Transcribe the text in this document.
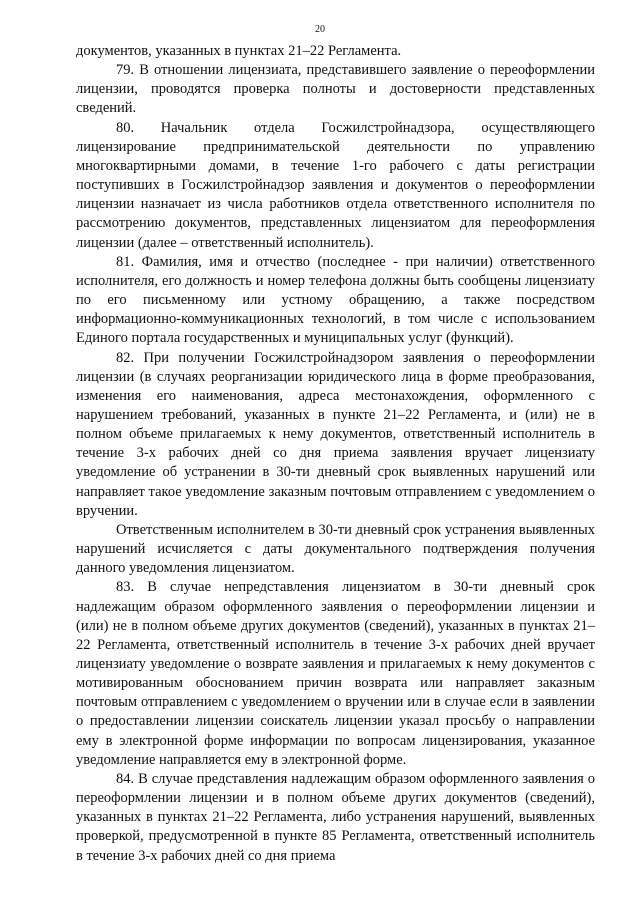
20

документов, указанных в пунктах 21–22 Регламента.

79. В отношении лицензиата, представившего заявление о переоформлении лицензии, проводятся проверка полноты и достоверности представленных сведений.

80. Начальник отдела Госжилстройнадзора, осуществляющего лицензирование предпринимательской деятельности по управлению многоквартирными домами, в течение 1-го рабочего с даты регистрации поступивших в Госжилстройнадзор заявления и документов о переоформлении лицензии назначает из числа работников отдела ответственного исполнителя по рассмотрению документов, представленных лицензиатом для переоформления лицензии (далее – ответственный исполнитель).

81. Фамилия, имя и отчество (последнее - при наличии) ответственного исполнителя, его должность и номер телефона должны быть сообщены лицензиату по его письменному или устному обращению, а также посредством информационно-коммуникационных технологий, в том числе с использованием Единого портала государственных и муниципальных услуг (функций).

82. При получении Госжилстройнадзором заявления о переоформлении лицензии (в случаях реорганизации юридического лица в форме преобразования, изменения его наименования, адреса местонахождения, оформленного с нарушением требований, указанных в пункте 21–22 Регламента, и (или) не в полном объеме прилагаемых к нему документов, ответственный исполнитель в течение 3-х рабочих дней со дня приема заявления вручает лицензиату уведомление об устранении в 30-ти дневный срок выявленных нарушений или направляет такое уведомление заказным почтовым отправлением с уведомлением о вручении.

Ответственным исполнителем в 30-ти дневный срок устранения выявленных нарушений исчисляется с даты документального подтверждения получения данного уведомления лицензиатом.

83. В случае непредставления лицензиатом в 30-ти дневный срок надлежащим образом оформленного заявления о переоформлении лицензии и (или) не в полном объеме других документов (сведений), указанных в пунктах 21–22 Регламента, ответственный исполнитель в течение 3-х рабочих дней вручает лицензиату уведомление о возврате заявления и прилагаемых к нему документов с мотивированным обоснованием причин возврата или направляет заказным почтовым отправлением с уведомлением о вручении или в случае если в заявлении о предоставлении лицензии соискатель лицензии указал просьбу о направлении ему в электронной форме информации по вопросам лицензирования, указанное уведомление направляется ему в электронной форме.

84. В случае представления надлежащим образом оформленного заявления о переоформлении лицензии и в полном объеме других документов (сведений), указанных в пунктах 21–22 Регламента, либо устранения нарушений, выявленных проверкой, предусмотренной в пункте 85 Регламента, ответственный исполнитель в течение 3-х рабочих дней со дня приема
